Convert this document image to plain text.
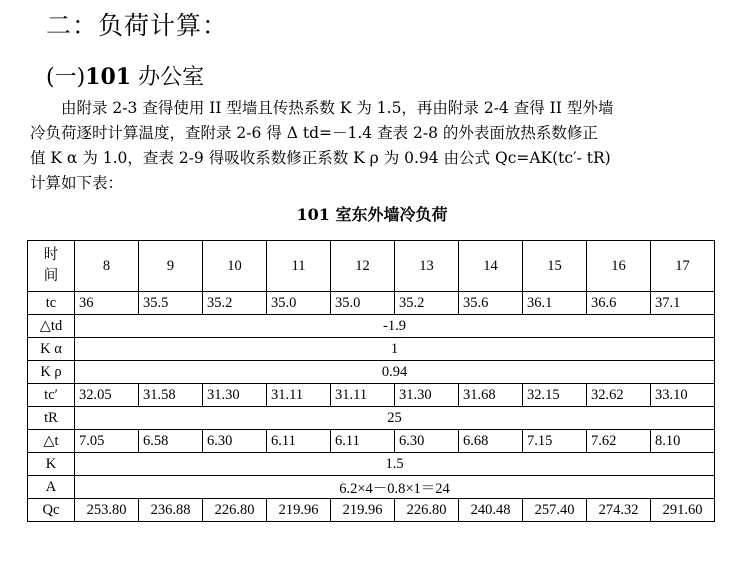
二：负荷计算：
(一)101 办公室
由附录 2-3 查得使用 II 型墙且传热系数 K 为 1.5，再由附录 2-4 查得 II 型外墙
冷负荷逐时计算温度，查附录 2-6 得 Δ td=－1.4 查表 2-8 的外表面放热系数修正
值 K α 为 1.0，查表 2-9 得吸收系数修正系数 K ρ 为 0.94 由公式 Qc=AK(tc′- tR)
计算如下表：
101 室东外墙冷负荷
时
间	8	9	10	11	12	13	14	15	16	17
tc	36	35.5	35.2	35.0	35.0	35.2	35.6	36.1	36.6	37.1
△td	-1.9									
K α	1									
K ρ	0.94									
tc′	32.05	31.58	31.30	31.11	31.11	31.30	31.68	32.15	32.62	33.10
tR	25									
△t	7.05	6.58	6.30	6.11	6.11	6.30	6.68	7.15	7.62	8.10
K	1.5									
A	6.2×4－0.8×1＝24									
Qc	253.80	236.88	226.80	219.96	219.96	226.80	240.48	257.40	274.32	291.60
